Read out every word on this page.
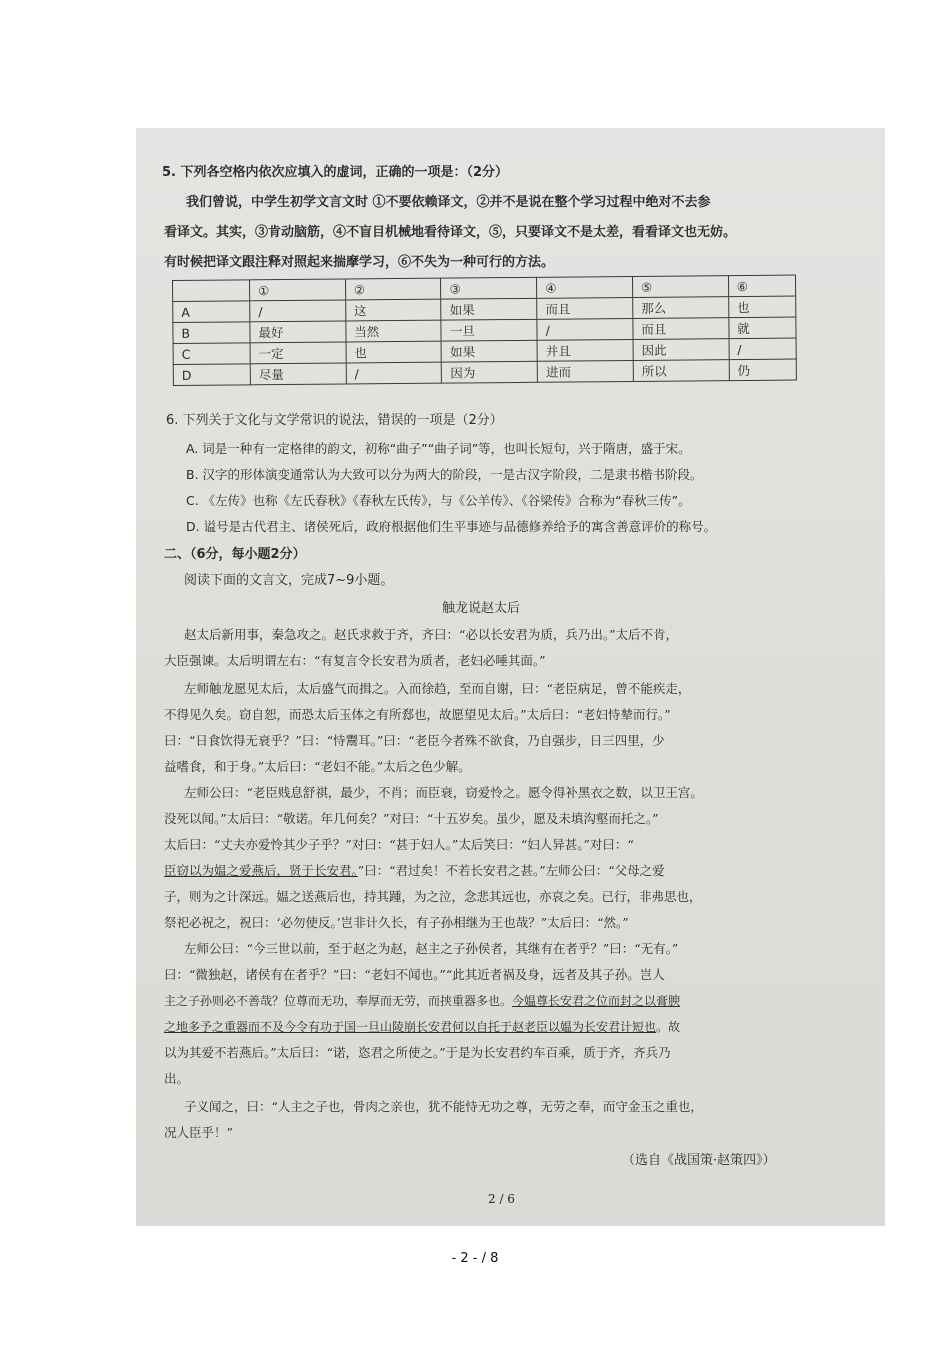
5. 下列各空格内依次应填入的虚词，正确的一项是：（2分）
我们曾说，中学生初学文言文时 ①不要依赖译文，②并不是说在整个学习过程中绝对不去参
看译文。其实，③肯动脑筋，④不盲目机械地看待译文，⑤，只要译文不是太差，看看译文也无妨。
有时候把译文跟注释对照起来揣摩学习，⑥不失为一种可行的方法。
	①	②	③	④	⑤	⑥
A	/	这	如果	而且	那么	也
B	最好	当然	一旦	/	而且	就
C	一定	也	如果	并且	因此	/
D	尽量	/	因为	进而	所以	仍
6. 下列关于文化与文学常识的说法，错误的一项是（2分）
A. 词是一种有一定格律的韵文，初称“曲子”“曲子词”等，也叫长短句，兴于隋唐，盛于宋。
B. 汉字的形体演变通常认为大致可以分为两大的阶段，一是古汉字阶段，二是隶书楷书阶段。
C. 《左传》也称《左氏春秋》《春秋左氏传》，与《公羊传》、《谷梁传》合称为“春秋三传”。
D. 谥号是古代君主、诸侯死后，政府根据他们生平事迹与品德修养给予的寓含善意评价的称号。
二、（6分，每小题2分）
阅读下面的文言文，完成7~9小题。
触龙说赵太后
赵太后新用事，秦急攻之。赵氏求救于齐，齐曰：“必以长安君为质，兵乃出。”太后不肯，
大臣强谏。太后明谓左右：“有复言令长安君为质者，老妇必唾其面。”
左师触龙愿见太后，太后盛气而揖之。入而徐趋，至而自谢，曰：“老臣病足，曾不能疾走，
不得见久矣。窃自恕，而恐太后玉体之有所郄也，故愿望见太后。”太后曰：“老妇恃辇而行。”
曰：“日食饮得无衰乎？”曰：“恃鬻耳。”曰：“老臣今者殊不欲食，乃自强步，日三四里，少
益嗜食，和于身。”太后曰：“老妇不能。”太后之色少解。
左师公曰：“老臣贱息舒祺，最少，不肖；而臣衰，窃爱怜之。愿令得补黑衣之数，以卫王宫。
没死以闻。”太后曰：“敬诺。年几何矣？”对曰：“十五岁矣。虽少，愿及未填沟壑而托之。”
太后曰：“丈夫亦爱怜其少子乎？”对曰：“甚于妇人。”太后笑曰：“妇人异甚。”对曰：“
臣窃以为媪之爱燕后，贤于长安君。”曰：“君过矣！不若长安君之甚。”左师公曰：“父母之爱
子，则为之计深远。媪之送燕后也，持其踵，为之泣，念悲其远也，亦哀之矣。已行，非弗思也，
祭祀必祝之，祝曰：‘必勿使反。’岂非计久长，有子孙相继为王也哉？”太后曰：“然。”
左师公曰：“今三世以前，至于赵之为赵，赵主之子孙侯者，其继有在者乎？”曰：“无有。”
曰：“微独赵，诸侯有在者乎？”曰：“老妇不闻也。”“此其近者祸及身，远者及其子孙。岂人
主之子孙则必不善哉？位尊而无功，奉厚而无劳，而挟重器多也。今媪尊长安君之位而封之以膏腴
之地多予之重器而不及今令有功于国一旦山陵崩长安君何以自托于赵老臣以媪为长安君计短也。故
以为其爱不若燕后。”太后曰：“诺，恣君之所使之。”于是为长安君约车百乘，质于齐，齐兵乃
出。
子义闻之，曰：“人主之子也，骨肉之亲也，犹不能恃无功之尊，无劳之奉，而守金玉之重也，
况人臣乎！”
（选自《战国策·赵策四》）
2 / 6
- 2 - / 8
